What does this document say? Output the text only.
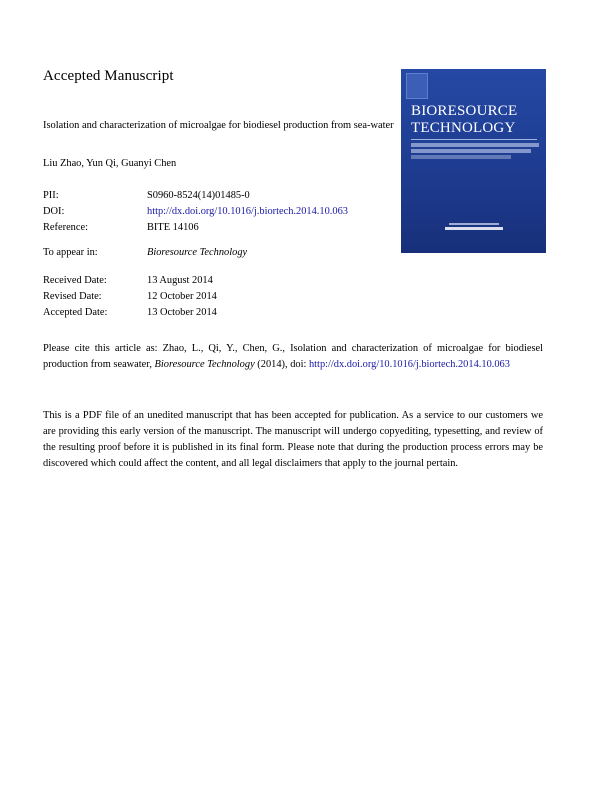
Accepted Manuscript
Isolation and characterization of microalgae for biodiesel production from sea-water
Liu Zhao, Yun Qi, Guanyi Chen
PII:	S0960-8524(14)01485-0
DOI:	http://dx.doi.org/10.1016/j.biortech.2014.10.063
Reference:	BITE 14106
To appear in:	Bioresource Technology
Received Date:	13 August 2014
Revised Date:	12 October 2014
Accepted Date:	13 October 2014
Please cite this article as: Zhao, L., Qi, Y., Chen, G., Isolation and characterization of microalgae for biodiesel production from seawater, Bioresource Technology (2014), doi: http://dx.doi.org/10.1016/j.biortech.2014.10.063
This is a PDF file of an unedited manuscript that has been accepted for publication. As a service to our customers we are providing this early version of the manuscript. The manuscript will undergo copyediting, typesetting, and review of the resulting proof before it is published in its final form. Please note that during the production process errors may be discovered which could affect the content, and all legal disclaimers that apply to the journal pertain.
BIORESOURCE
TECHNOLOGY
